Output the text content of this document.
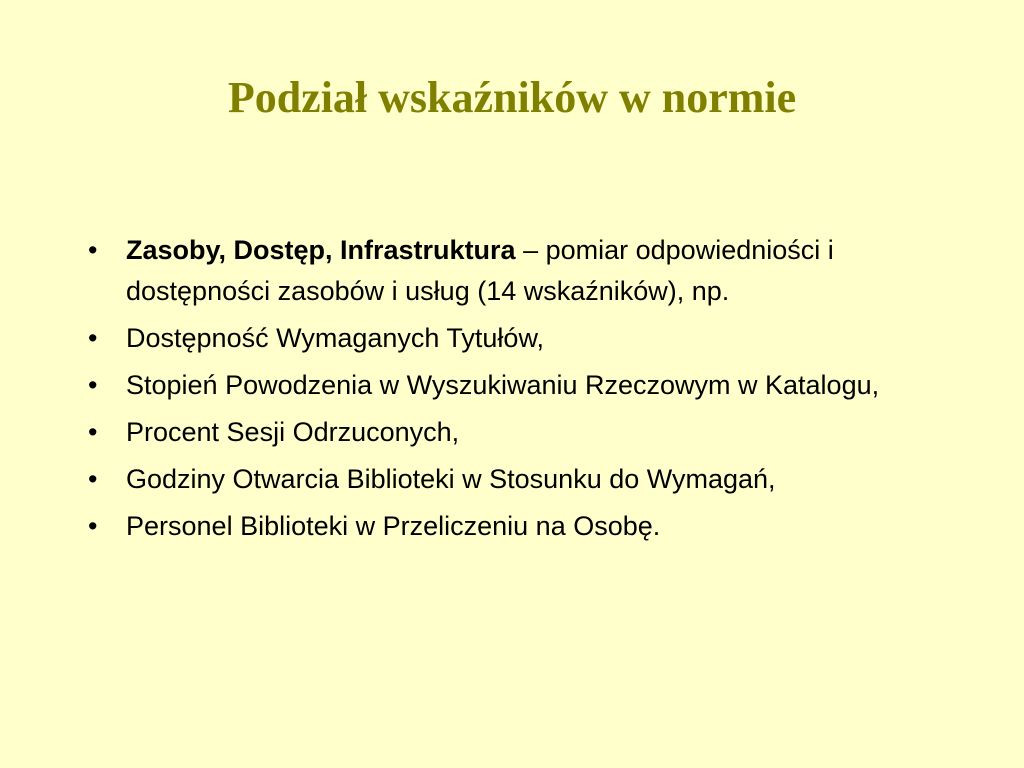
Podział wskaźników w normie
•	Zasoby, Dostęp, Infrastruktura – pomiar odpowiedniości i dostępności zasobów i usług (14 wskaźników), np.
•	Dostępność Wymaganych Tytułów,
•	Stopień Powodzenia w Wyszukiwaniu Rzeczowym w Katalogu,
•	Procent Sesji Odrzuconych,
•	Godziny Otwarcia Biblioteki w Stosunku do Wymagań,
•	Personel Biblioteki w Przeliczeniu na Osobę.
